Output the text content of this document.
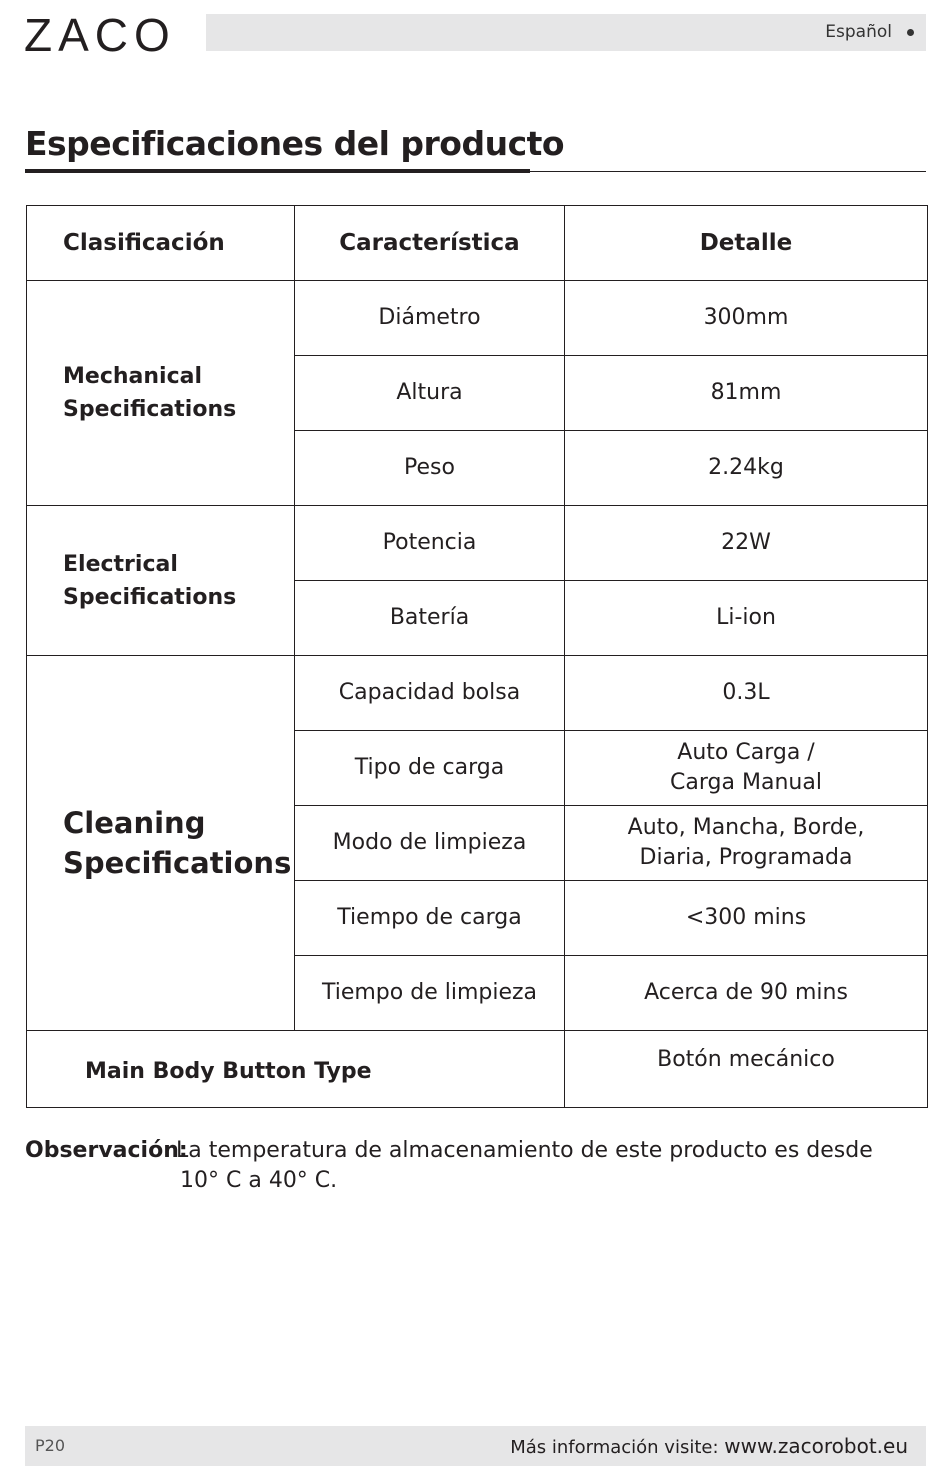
ZACO	Español
Especificaciones del producto
Clasificación	Característica	Detalle

Mechanical
Specifications	Diámetro	300mm
	Altura	81mm
	Peso	2.24kg

Electrical
Specifications	Potencia	22W
	Batería	Li-ion

Cleaning
Specifications	Capacidad bolsa	0.3L
	Tipo de carga	Auto Carga /
Carga Manual

	Modo de limpieza	Auto, Mancha, Borde,
Diaria, Programada

	Tiempo de carga	<300 mins
	Tiempo de limpieza	Acerca de 90 mins
Main Body Button Type		Botón mecánico
Observación:
La temperatura de almacenamiento de este producto es desde
10° C a 40° C.
P20	Más información visite: www.zacorobot.eu
